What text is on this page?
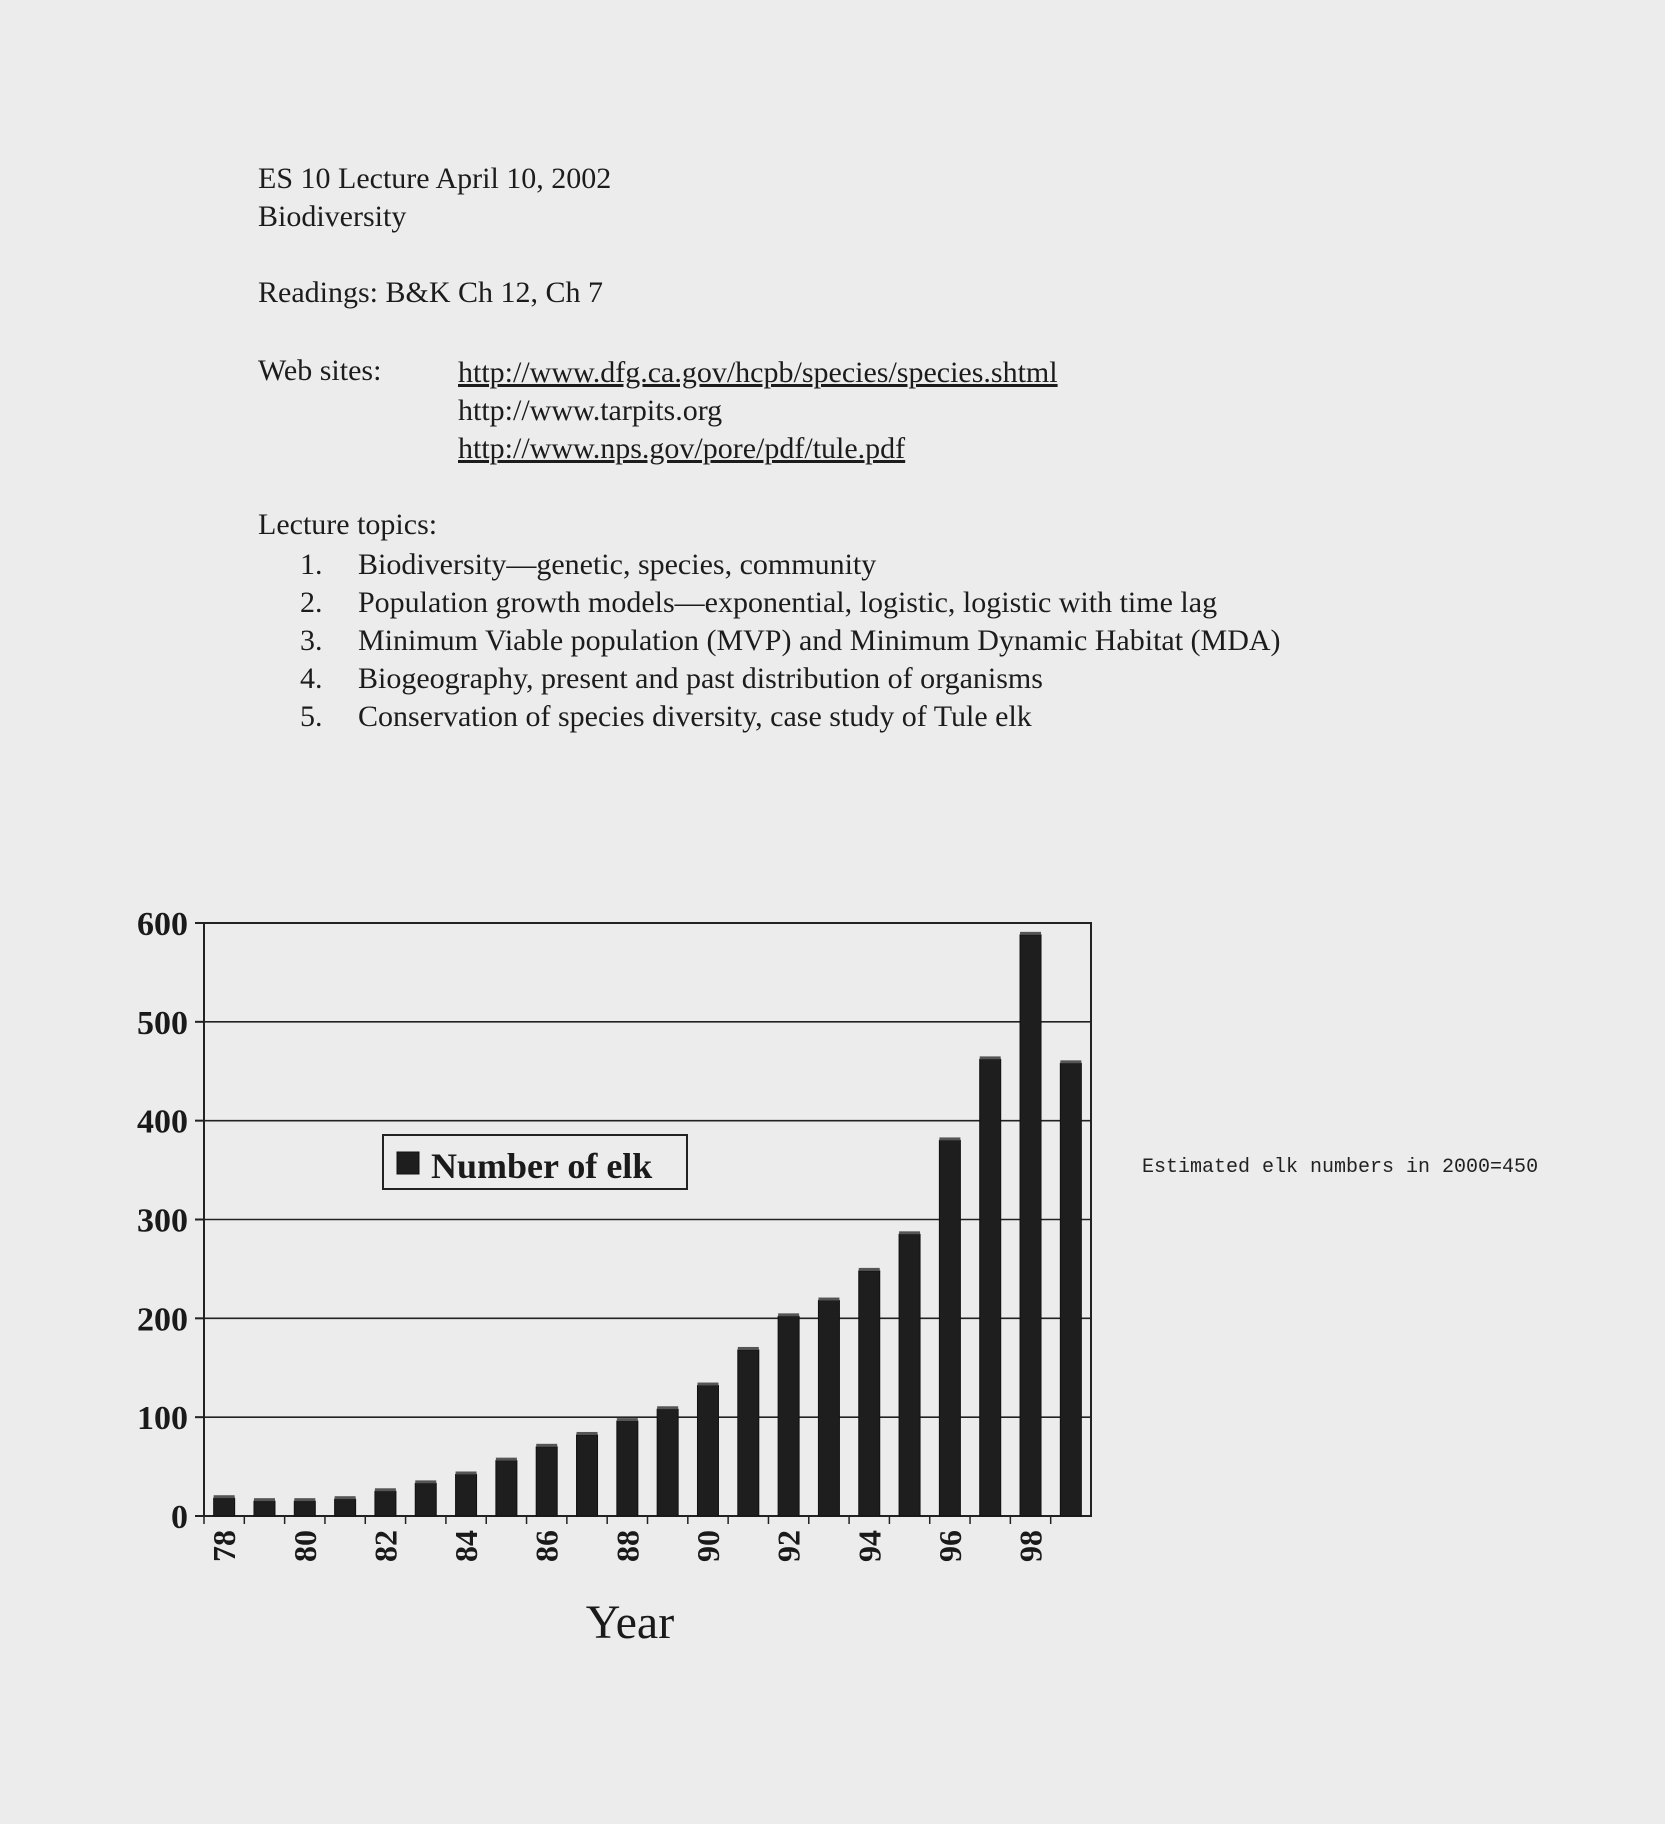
ES 10 Lecture April 10, 2002
Biodiversity
Readings: B&K Ch 12, Ch 7
Web sites:	http://www.dfg.ca.gov/hcpb/species/species.shtml
http://www.tarpits.org
http://www.nps.gov/pore/pdf/tule.pdf
Lecture topics:
1.	Biodiversity—genetic, species, community
2.	Population growth models—exponential, logistic, logistic with time lag
3.	Minimum Viable population (MVP) and Minimum Dynamic Habitat (MDA)
4.	Biogeography, present and past distribution of organisms
5.	Conservation of species diversity, case study of Tule elk
0
100
200
300
400
500
600
78 80 82 84 86 88 90 92 94 96 98
Year
Number of elk	Estimated elk numbers in 2000=450
